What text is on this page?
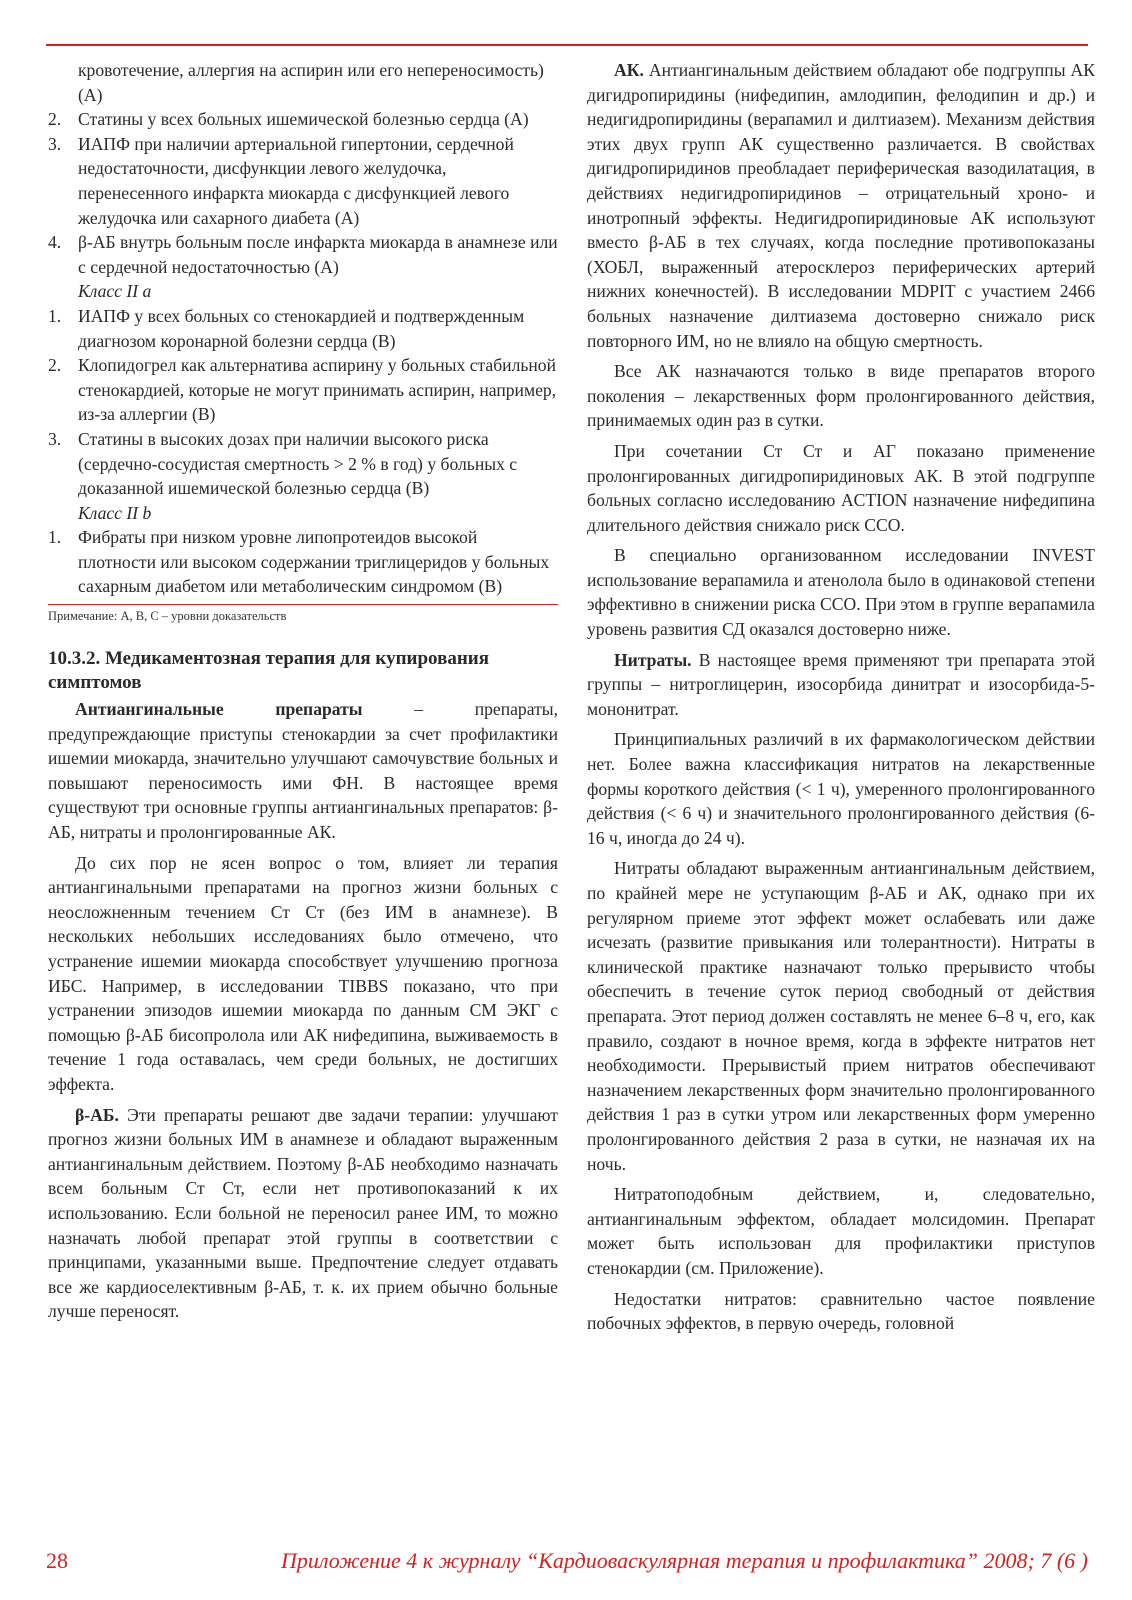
кровотечение, аллергия на аспирин или его непереносимость) (А)

2. Статины у всех больных ишемической болезнью сердца (А)
3. ИАПФ при наличии артериальной гипертонии, сердечной недостаточности, дисфункции левого желудочка, перенесенного инфаркта миокарда с дисфункцией левого желудочка или сахарного диабета (А)
4. β-АБ внутрь больным после инфаркта миокарда в анамнезе или с сердечной недостаточностью (А)
Класс II a
1. ИАПФ у всех больных со стенокардией и подтвержденным диагнозом коронарной болезни сердца (В)
2. Клопидогрел как альтернатива аспирину у больных стабильной стенокардией, которые не могут принимать аспирин, например, из-за аллергии (В)
3. Статины в высоких дозах при наличии высокого риска (сердечно-сосудистая смертность > 2 % в год) у больных с доказанной ишемической болезнью сердца (В)
Класс II b
1. Фибраты при низком уровне липопротеидов высокой плотности или высоком содержании триглицеридов у больных сахарным диабетом или метаболическим синдромом (В)
Примечание: А, В, С – уровни доказательств
10.3.2. Медикаментозная терапия для купирования симптомов

Антиангинальные препараты – препараты, предупреждающие приступы стенокардии за счет профилактики ишемии миокарда, значительно улучшают самочувствие больных и повышают переносимость ими ФН. В настоящее время существуют три основные группы антиангинальных препаратов: β-АБ, нитраты и пролонгированные АК.

До сих пор не ясен вопрос о том, влияет ли терапия антиангинальными препаратами на прогноз жизни больных с неосложненным течением Ст Ст (без ИМ в анамнезе). В нескольких небольших исследованиях было отмечено, что устранение ишемии миокарда способствует улучшению прогноза ИБС. Например, в исследовании TIBBS показано, что при устранении эпизодов ишемии миокарда по данным СМ ЭКГ с помощью β-АБ бисопролола или АК нифедипина, выживаемость в течение 1 года оставалась, чем среди больных, не достигших эффекта.

β-АБ. Эти препараты решают две задачи терапии: улучшают прогноз жизни больных ИМ в анамнезе и обладают выраженным антиангинальным действием. Поэтому β-АБ необходимо назначать всем больным Ст Ст, если нет противопоказаний к их использованию. Если больной не переносил ранее ИМ, то можно назначать любой препарат этой группы в соответствии с принципами, указанными выше. Предпочтение следует отдавать все же кардиоселективным β-АБ, т. к. их прием обычно больные лучше переносят.

АК. Антиангинальным действием обладают обе подгруппы АК дигидропиридины (нифедипин, амлодипин, фелодипин и др.) и недигидропиридины (верапамил и дилтиазем). Механизм действия этих двух групп АК существенно различается. В свойствах дигидропиридинов преобладает периферическая вазодилатация, в действиях недигидропиридинов – отрицательный хроно- и инотропный эффекты. Недигидропиридиновые АК используют вместо β-АБ в тех случаях, когда последние противопоказаны (ХОБЛ, выраженный атеросклероз периферических артерий нижних конечностей). В исследовании MDPIT с участием 2466 больных назначение дилтиазема достоверно снижало риск повторного ИМ, но не влияло на общую смертность.

Все АК назначаются только в виде препаратов второго поколения – лекарственных форм пролонгированного действия, принимаемых один раз в сутки.

При сочетании Ст Ст и АГ показано применение пролонгированных дигидропиридиновых АК. В этой подгруппе больных согласно исследованию ACTION назначение нифедипина длительного действия снижало риск ССО.

В специально организованном исследовании INVEST использование верапамила и атенолола было в одинаковой степени эффективно в снижении риска ССО. При этом в группе верапамила уровень развития СД оказался достоверно ниже.

Нитраты. В настоящее время применяют три препарата этой группы – нитроглицерин, изосорбида динитрат и изосорбида-5-мононитрат.

Принципиальных различий в их фармакологическом действии нет. Более важна классификация нитратов на лекарственные формы короткого действия (< 1 ч), умеренного пролонгированного действия (< 6 ч) и значительного пролонгированного действия (6-16 ч, иногда до 24 ч).

Нитраты обладают выраженным антиангинальным действием, по крайней мере не уступающим β-АБ и АК, однако при их регулярном приеме этот эффект может ослабевать или даже исчезать (развитие привыкания или толерантности). Нитраты в клинической практике назначают только прерывисто чтобы обеспечить в течение суток период свободный от действия препарата. Этот период должен составлять не менее 6–8 ч, его, как правило, создают в ночное время, когда в эффекте нитратов нет необходимости. Прерывистый прием нитратов обеспечивают назначением лекарственных форм значительно пролонгированного действия 1 раз в сутки утром или лекарственных форм умеренно пролонгированного действия 2 раза в сутки, не назначая их на ночь.

Нитратоподобным действием, и, следовательно, антиангинальным эффектом, обладает молсидомин. Препарат может быть использован для профилактики приступов стенокардии (см. Приложение).

Недостатки нитратов: сравнительно частое появление побочных эффектов, в первую очередь, головной

28	Приложение 4 к журналу “Кардиоваскулярная терапия и профилактика” 2008; 7 (6 )
